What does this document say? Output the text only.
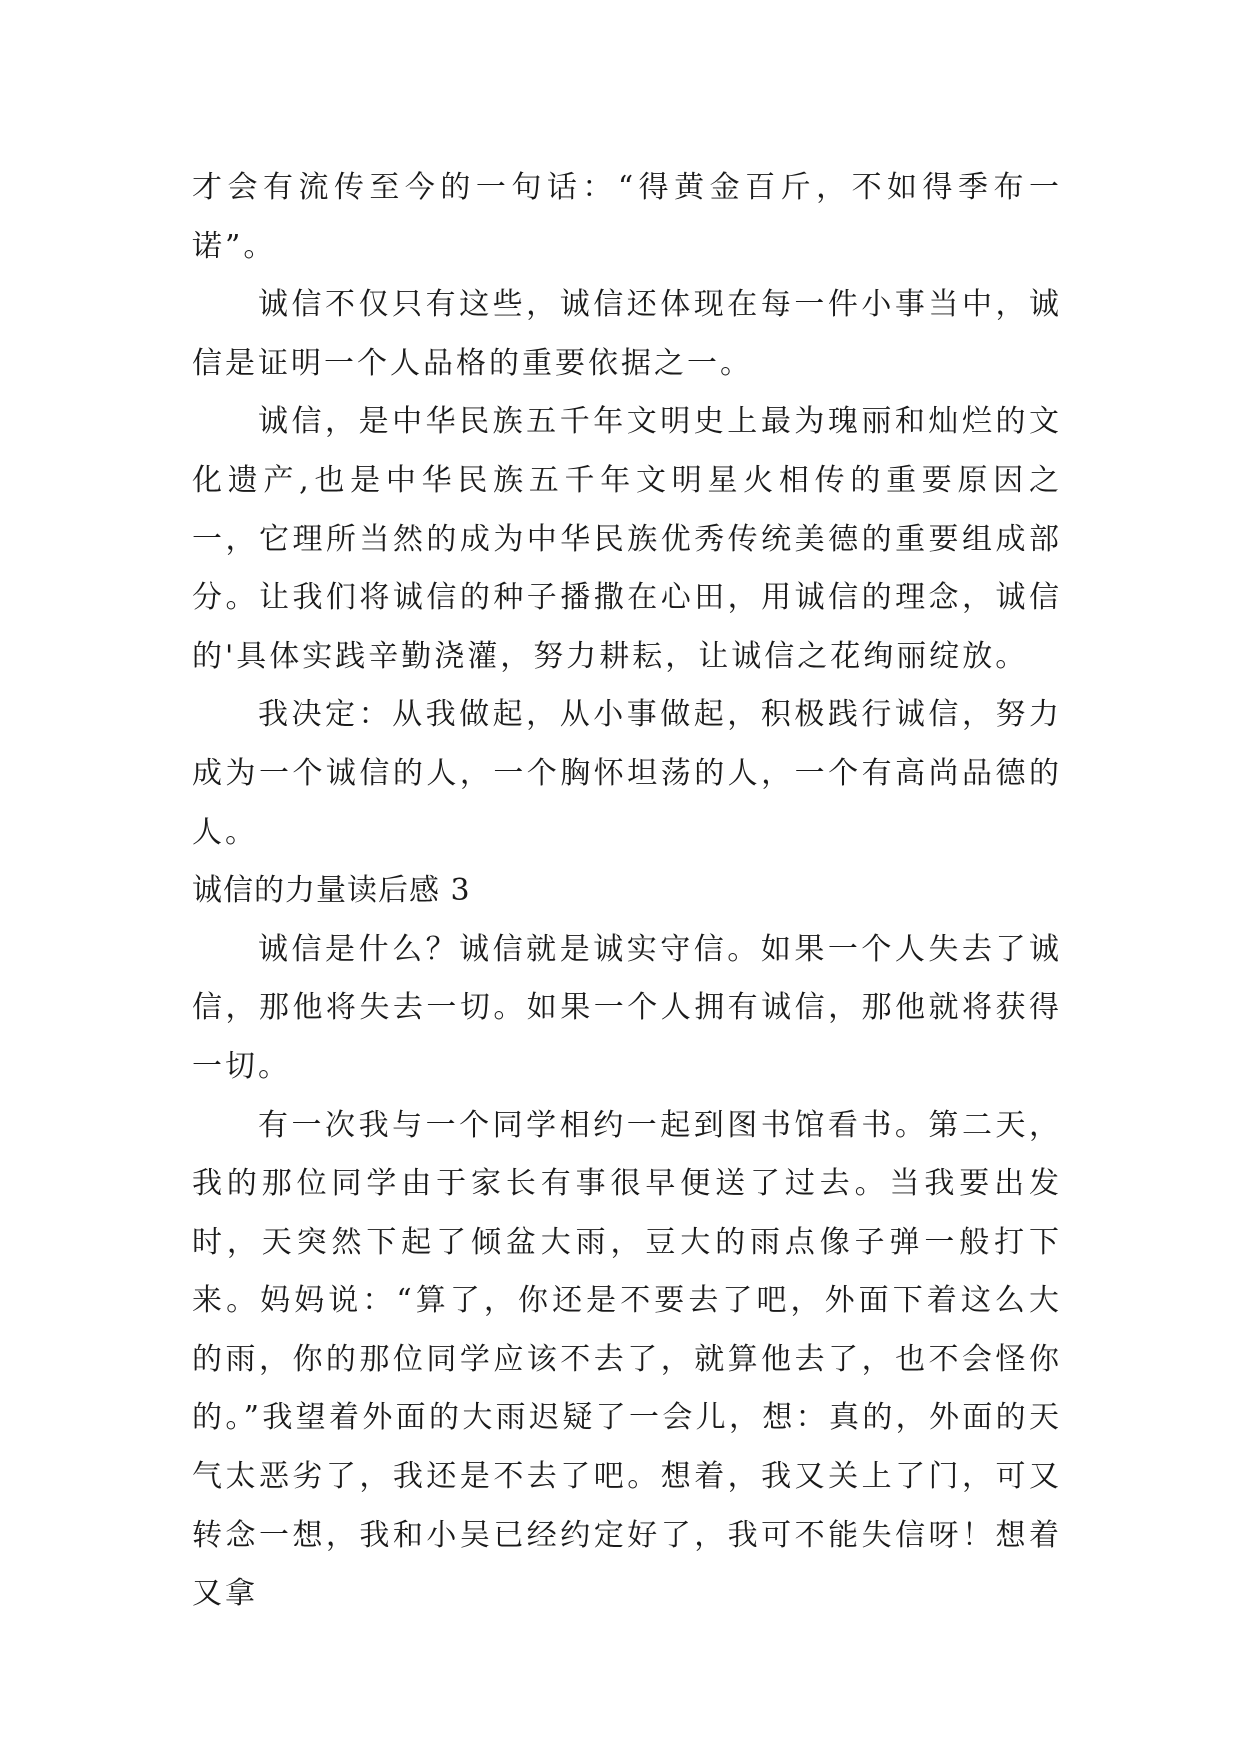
才会有流传至今的一句话：“得黄金百斤，不如得季布一诺”。

诚信不仅只有这些，诚信还体现在每一件小事当中，诚信是证明一个人品格的重要依据之一。

诚信，是中华民族五千年文明史上最为瑰丽和灿烂的文化遗产,也是中华民族五千年文明星火相传的重要原因之一，它理所当然的成为中华民族优秀传统美德的重要组成部分。让我们将诚信的种子播撒在心田，用诚信的理念，诚信的'具体实践辛勤浇灌，努力耕耘，让诚信之花绚丽绽放。

我决定：从我做起，从小事做起，积极践行诚信，努力成为一个诚信的人，一个胸怀坦荡的人，一个有高尚品德的人。

诚信的力量读后感 3

诚信是什么？诚信就是诚实守信。如果一个人失去了诚信，那他将失去一切。如果一个人拥有诚信，那他就将获得一切。

有一次我与一个同学相约一起到图书馆看书。第二天，我的那位同学由于家长有事很早便送了过去。当我要出发时，天突然下起了倾盆大雨，豆大的雨点像子弹一般打下来。妈妈说：“算了，你还是不要去了吧，外面下着这么大的雨，你的那位同学应该不去了，就算他去了，也不会怪你的。”我望着外面的大雨迟疑了一会儿，想：真的，外面的天气太恶劣了，我还是不去了吧。想着，我又关上了门，可又转念一想，我和小吴已经约定好了，我可不能失信呀！想着又拿
